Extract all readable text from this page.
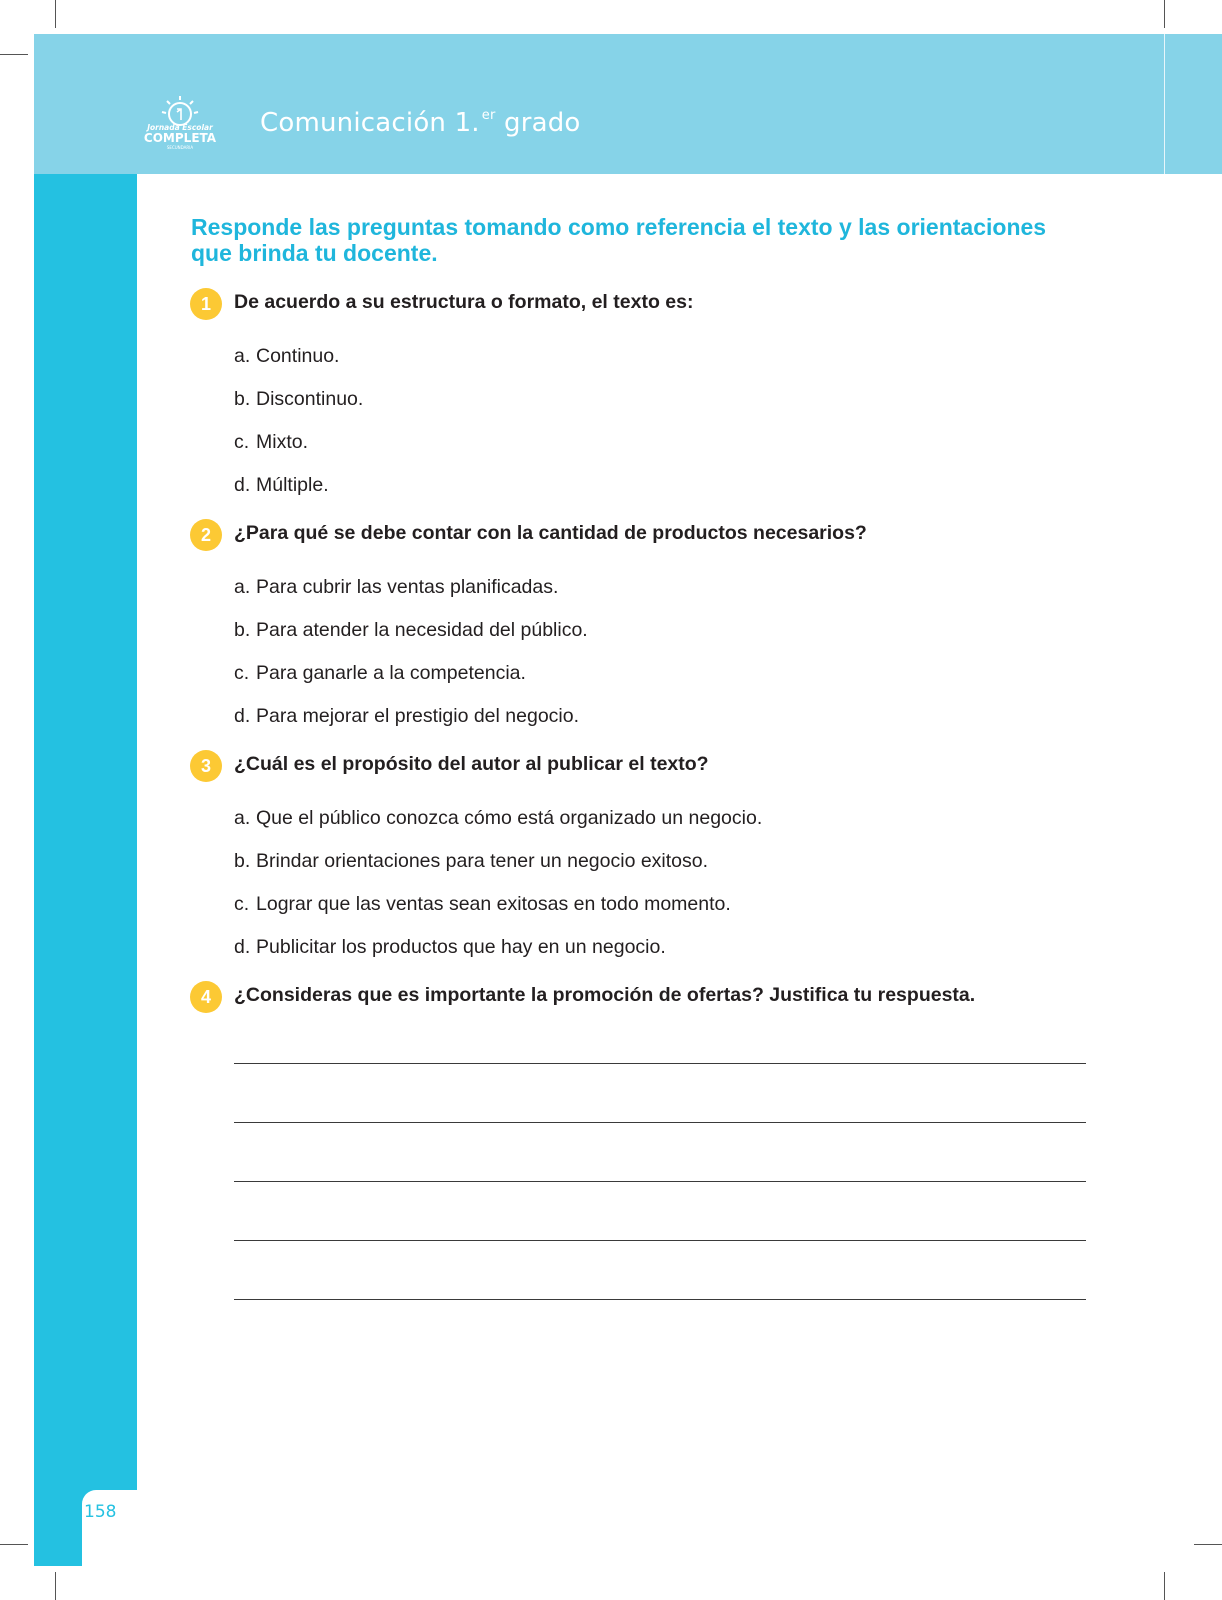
Jornada Escolar
COMPLETA
SECUNDARIA
Comunicación 1. $^{er}$ grado
158
Responde las preguntas tomando como referencia el texto y las orientaciones que brinda tu docente.
1	De acuerdo a su estructura o formato, el texto es:
a. Continuo.
b. Discontinuo.
c. Mixto.
d. Múltiple.
2	¿Para qué se debe contar con la cantidad de productos necesarios?
a. Para cubrir las ventas planificadas.
b. Para atender la necesidad del público.
c. Para ganarle a la competencia.
d. Para mejorar el prestigio del negocio.
3	¿Cuál es el propósito del autor al publicar el texto?
a. Que el público conozca cómo está organizado un negocio.
b. Brindar orientaciones para tener un negocio exitoso.
c. Lograr que las ventas sean exitosas en todo momento.
d. Publicitar los productos que hay en un negocio.
4	¿Consideras que es importante la promoción de ofertas? Justifica tu respuesta.
